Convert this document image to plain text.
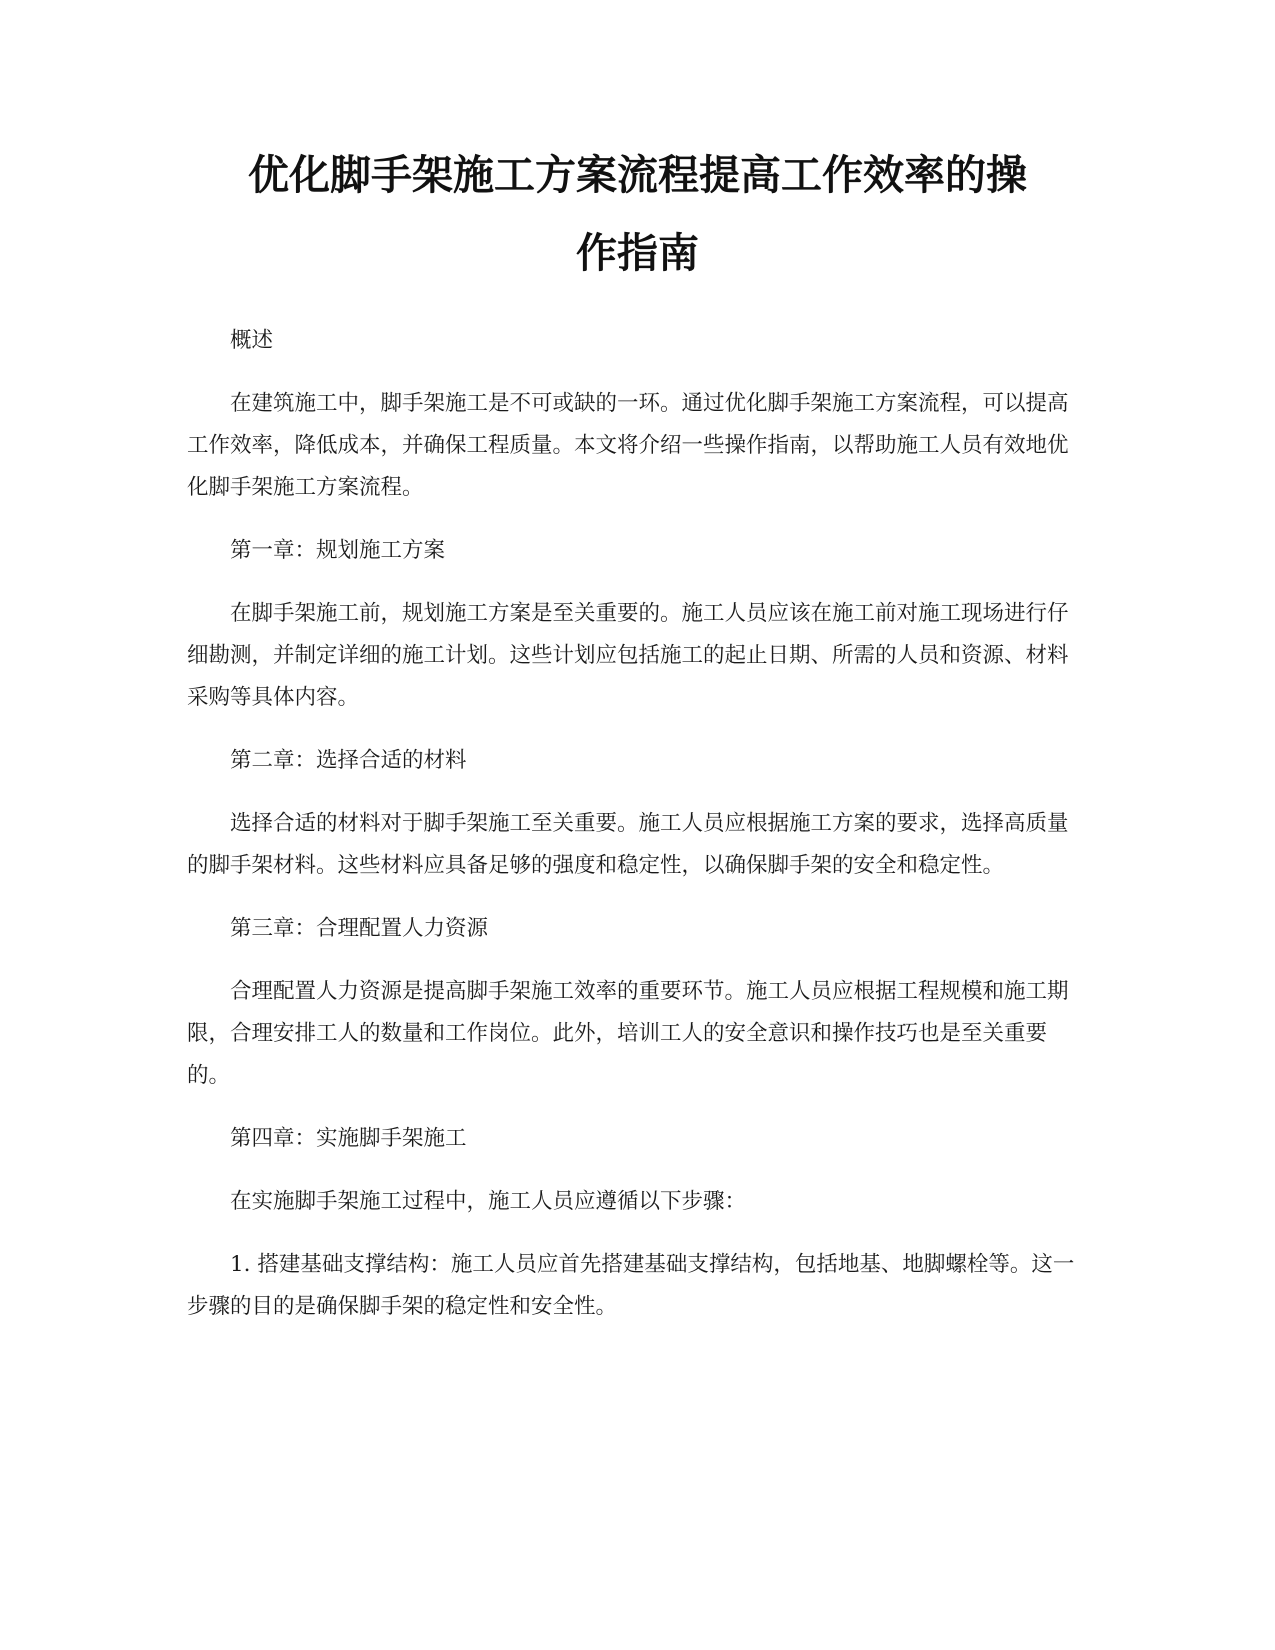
优化脚手架施工方案流程提高工作效率的操
作指南

概述

在建筑施工中，脚手架施工是不可或缺的一环。通过优化脚手架施工方案流程，可以提高工作效率，降低成本，并确保工程质量。本文将介绍一些操作指南，以帮助施工人员有效地优化脚手架施工方案流程。

第一章：规划施工方案

在脚手架施工前，规划施工方案是至关重要的。施工人员应该在施工前对施工现场进行仔细勘测，并制定详细的施工计划。这些计划应包括施工的起止日期、所需的人员和资源、材料采购等具体内容。

第二章：选择合适的材料

选择合适的材料对于脚手架施工至关重要。施工人员应根据施工方案的要求，选择高质量的脚手架材料。这些材料应具备足够的强度和稳定性，以确保脚手架的安全和稳定性。

第三章：合理配置人力资源

合理配置人力资源是提高脚手架施工效率的重要环节。施工人员应根据工程规模和施工期限，合理安排工人的数量和工作岗位。此外，培训工人的安全意识和操作技巧也是至关重要的。

第四章：实施脚手架施工

在实施脚手架施工过程中，施工人员应遵循以下步骤：

1. 搭建基础支撑结构：施工人员应首先搭建基础支撑结构，包括地基、地脚螺栓等。这一步骤的目的是确保脚手架的稳定性和安全性。
